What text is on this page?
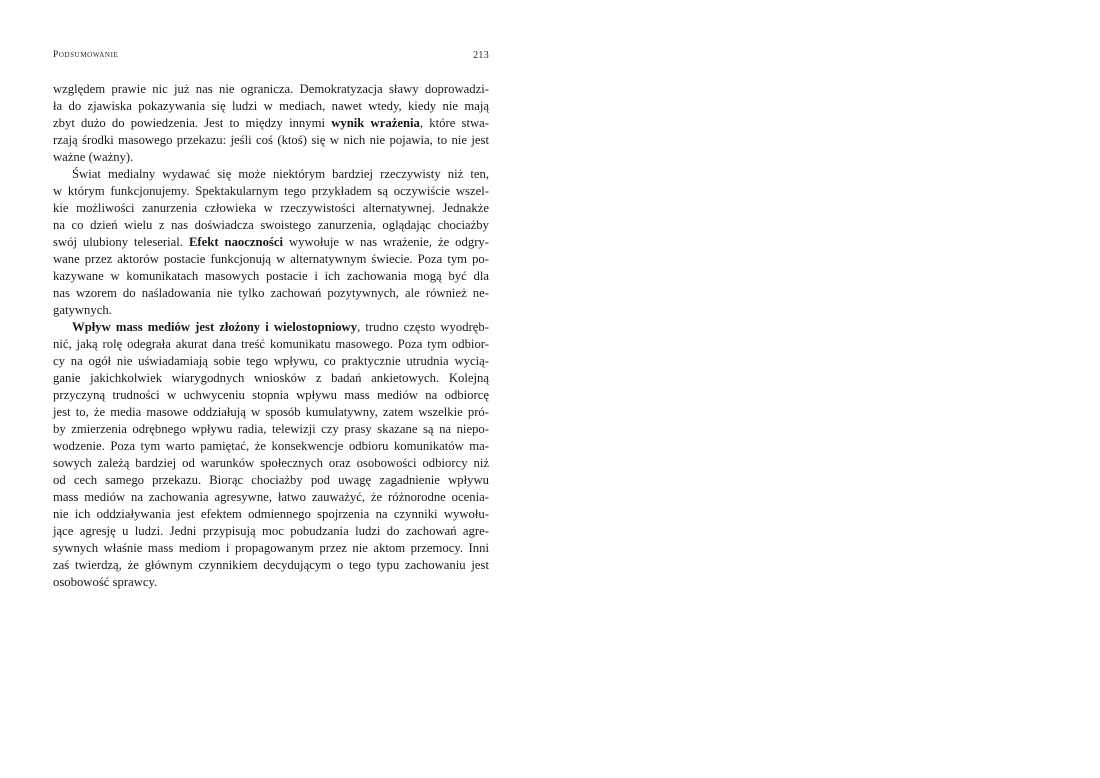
Podsumowanie	213
względem prawie nic już nas nie ogranicza. Demokratyzacja sławy doprowadzi-
ła do zjawiska pokazywania się ludzi w mediach, nawet wtedy, kiedy nie mają
zbyt dużo do powiedzenia. Jest to między innymi wynik wrażenia, które stwa-
rzają środki masowego przekazu: jeśli coś (ktoś) się w nich nie pojawia, to nie jest
ważne (ważny).
Świat medialny wydawać się może niektórym bardziej rzeczywisty niż ten,
w którym funkcjonujemy. Spektakularnym tego przykładem są oczywiście wszel-
kie możliwości zanurzenia człowieka w rzeczywistości alternatywnej. Jednakże
na co dzień wielu z nas doświadcza swoistego zanurzenia, oglądając chociażby
swój ulubiony teleserial. Efekt naoczności wywołuje w nas wrażenie, że odgry-
wane przez aktorów postacie funkcjonują w alternatywnym świecie. Poza tym po-
kazywane w komunikatach masowych postacie i ich zachowania mogą być dla
nas wzorem do naśladowania nie tylko zachowań pozytywnych, ale również ne-
gatywnych.
Wpływ mass mediów jest złożony i wielostopniowy, trudno często wyodręb-
nić, jaką rolę odegrała akurat dana treść komunikatu masowego. Poza tym odbior-
cy na ogół nie uświadamiają sobie tego wpływu, co praktycznie utrudnia wycią-
ganie jakichkolwiek wiarygodnych wniosków z badań ankietowych. Kolejną
przyczyną trudności w uchwyceniu stopnia wpływu mass mediów na odbiorcę
jest to, że media masowe oddziałują w sposób kumulatywny, zatem wszelkie pró-
by zmierzenia odrębnego wpływu radia, telewizji czy prasy skazane są na niepo-
wodzenie. Poza tym warto pamiętać, że konsekwencje odbioru komunikatów ma-
sowych zależą bardziej od warunków społecznych oraz osobowości odbiorcy niż
od cech samego przekazu. Biorąc chociażby pod uwagę zagadnienie wpływu
mass mediów na zachowania agresywne, łatwo zauważyć, że różnorodne ocenia-
nie ich oddziaływania jest efektem odmiennego spojrzenia na czynniki wywołu-
jące agresję u ludzi. Jedni przypisują moc pobudzania ludzi do zachowań agre-
sywnych właśnie mass mediom i propagowanym przez nie aktom przemocy. Inni
zaś twierdzą, że głównym czynnikiem decydującym o tego typu zachowaniu jest
osobowość sprawcy.
